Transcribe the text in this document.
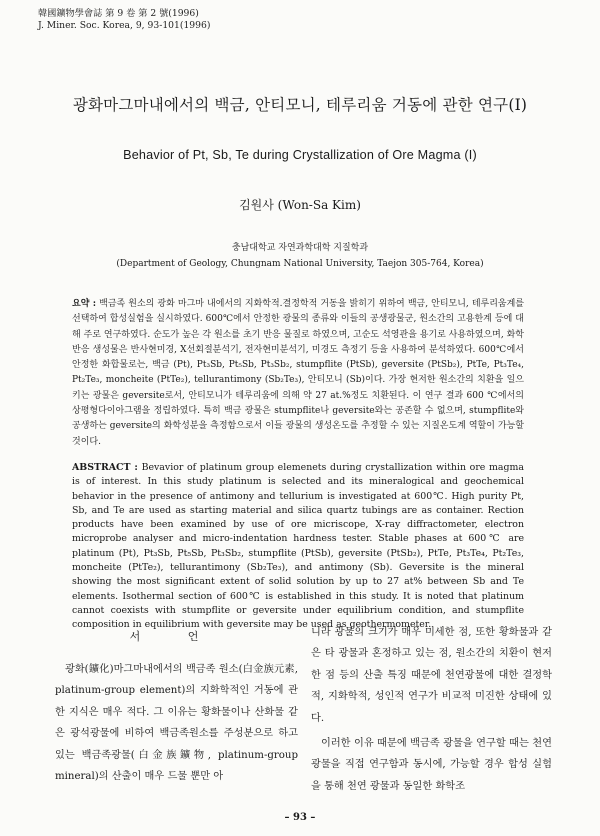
韓國鑛物學會誌 第 9 卷 第 2 號(1996)
J. Miner. Soc. Korea, 9, 93-101(1996)
광화마그마내에서의 백금, 안티모니, 테루리움 거동에 관한 연구(I)
Behavior of Pt, Sb, Te during Crystallization of Ore Magma (I)
김원사 (Won-Sa Kim)
충남대학교 자연과학대학 지질학과
(Department of Geology, Chungnam National University, Taejon 305-764, Korea)

요약 : 백금족 원소의 광화 마그마 내에서의 지화학적.결정학적 거동을 밝히기 위하여 백금, 안티모니, 테루리움계를 선택하여 합성실험을 실시하였다. 600℃에서 안정한 광물의 종류와 이들의 공생광물군, 원소간의 고용한계 등에 대해 주로 연구하였다. 순도가 높은 각 원소를 초기 반응 물질로 하였으며, 고순도 석영관을 용기로 사용하였으며, 화학 반응 생성물은 반사현미경, X선회절분석기, 전자현미분석기, 미경도 측정기 등을 사용하여 분석하였다. 600℃에서 안정한 화합물로는, 백금 (Pt), Pt₃Sb, Pt₅Sb, Pt₃Sb₂, stumpflite (PtSb), geversite (PtSb₂), PtTe, Pt₃Te₄, Pt₂Te₃, moncheite (PtTe₂), tellurantimony (Sb₂Te₃), 안티모니 (Sb)이다. 가장 현저한 원소간의 치환을 일으키는 광물은 geversite로서, 안티모니가 테루리움에 의해 약 27 at.%정도 치환된다. 이 연구 결과 600 ℃에서의 상평형다이아그램을 정립하였다. 특히 백금 광물은 stumpflite나 geversite와는 공존할 수 없으며, stumpflite와 공생하는 geversite의 화학성분을 측정함으로서 이들 광물의 생성온도를 추정할 수 있는 지질온도계 역할이 가능할 것이다.

ABSTRACT : Bevavior of platinum group elemenets during crystallization within ore magma is of interest. In this study platinum is selected and its mineralogical and geochemical behavior in the presence of antimony and tellurium is investigated at 600℃. High purity Pt, Sb, and Te are used as starting material and silica quartz tubings are as container. Rection products have been examined by use of ore micriscope, X-ray diffractometer, electron microprobe analyser and micro-indentation hardness tester. Stable phases at 600℃ are platinum (Pt), Pt₃Sb, Pt₅Sb, Pt₃Sb₂, stumpflite (PtSb), geversite (PtSb₂), PtTe, Pt₃Te₄, Pt₂Te₃, moncheite (PtTe₂), tellurantimony (Sb₂Te₃), and antimony (Sb). Geversite is the mineral showing the most significant extent of solid solution by up to 27 at% between Sb and Te elements. Isothermal section of 600℃ is established in this study. It is noted that platinum cannot coexists with stumpflite or geversite under equilibrium condition, and stumpflite composition in equilibrium with geversite may be used as geothermometer.

서 언

광화(鑛化)마그마내에서의 백금족 원소(白金族元素, platinum-group element)의 지화학적인 거동에 관한 지식은 매우 적다. 그 이유는 황화물이나 산화물 같은 광석광물에 비하여 백금족원소를 주성분으로 하고 있는 백금족광물(白金族鑛物, platinum-group mineral)의 산출이 매우 드물 뿐만 아

니라 광물의 크기가 매우 미세한 점, 또한 황화물과 같은 타 광물과 혼정하고 있는 점, 원소간의 치환이 현저한 점 등의 산출 특징 때문에 천연광물에 대한 결정학적, 지화학적, 성인적 연구가 비교적 미진한 상태에 있다.

이러한 이유 때문에 백금족 광물을 연구할 때는 천연 광물을 직접 연구함과 동시에, 가능할 경우 합성 실험을 통해 천연 광물과 동일한 화학조

– 93 –
